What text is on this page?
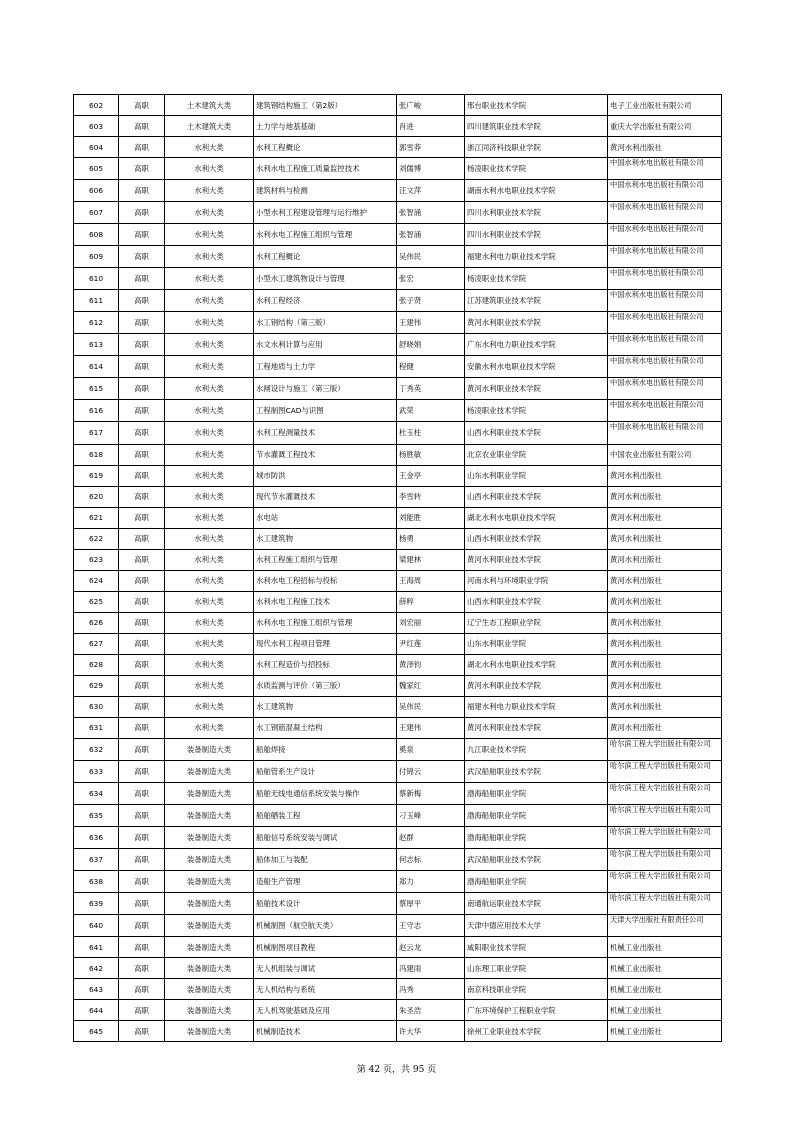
602	高职	土木建筑大类	建筑钢结构施工（第2版）	张广峻	邢台职业技术学院	电子工业出版社有限公司
603	高职	土木建筑大类	土力学与地基基础	肖进	四川建筑职业技术学院	重庆大学出版社有限公司
604	高职	水利大类	水利工程概论	郭雪莽	浙江同济科技职业学院	黄河水利出版社
605	高职	水利大类	水利水电工程施工质量监控技术	刘儒博	杨凌职业技术学院	中国水利水电出版社有限公司
606	高职	水利大类	建筑材料与检测	汪文萍	湖南水利水电职业技术学院	中国水利水电出版社有限公司
607	高职	水利大类	小型水利工程建设管理与运行维护	张智涌	四川水利职业技术学院	中国水利水电出版社有限公司
608	高职	水利大类	水利水电工程施工组织与管理	张智涌	四川水利职业技术学院	中国水利水电出版社有限公司
609	高职	水利大类	水利工程概论	吴伟民	福建水利电力职业技术学院	中国水利水电出版社有限公司
610	高职	水利大类	小型水工建筑物设计与管理	张宏	杨凌职业技术学院	中国水利水电出版社有限公司
611	高职	水利大类	水利工程经济	张子贤	江苏建筑职业技术学院	中国水利水电出版社有限公司
612	高职	水利大类	水工钢结构（第三版）	王建伟	黄河水利职业技术学院	中国水利水电出版社有限公司
613	高职	水利大类	水文水利计算与应用	舒晓娟	广东水利电力职业技术学院	中国水利水电出版社有限公司
614	高职	水利大类	工程地质与土力学	程健	安徽水利水电职业技术学院	中国水利水电出版社有限公司
615	高职	水利大类	水闸设计与施工（第三版）	丁秀英	黄河水利职业技术学院	中国水利水电出版社有限公司
616	高职	水利大类	工程制图CAD与识图	武荣	杨凌职业技术学院	中国水利水电出版社有限公司
617	高职	水利大类	水利工程测量技术	杜玉柱	山西水利职业技术学院	中国水利水电出版社有限公司
618	高职	水利大类	节水灌溉工程技术	杨胜敏	北京农业职业学院	中国农业出版社有限公司
619	高职	水利大类	城市防洪	王金亭	山东水利职业学院	黄河水利出版社
620	高职	水利大类	现代节水灌溉技术	李雪转	山西水利职业技术学院	黄河水利出版社
621	高职	水利大类	水电站	刘能胜	湖北水利水电职业技术学院	黄河水利出版社
622	高职	水利大类	水工建筑物	杨勇	山西水利职业技术学院	黄河水利出版社
623	高职	水利大类	水利工程施工组织与管理	梁建林	黄河水利职业技术学院	黄河水利出版社
624	高职	水利大类	水利水电工程招标与投标	王海周	河南水利与环境职业学院	黄河水利出版社
625	高职	水利大类	水利水电工程施工技术	薛粹	山西水利职业技术学院	黄河水利出版社
626	高职	水利大类	水利水电工程施工组织与管理	刘宏丽	辽宁生态工程职业学院	黄河水利出版社
627	高职	水利大类	现代水利工程项目管理	尹红莲	山东水利职业学院	黄河水利出版社
628	高职	水利大类	水利工程造价与招投标	黄泽钧	湖北水利水电职业技术学院	黄河水利出版社
629	高职	水利大类	水质监测与评价（第三版）	魏家红	黄河水利职业技术学院	黄河水利出版社
630	高职	水利大类	水工建筑物	吴伟民	福建水利电力职业技术学院	黄河水利出版社
631	高职	水利大类	水工钢筋混凝土结构	王建伟	黄河水利职业技术学院	黄河水利出版社
632	高职	装备制造大类	船舶焊接	奚泉	九江职业技术学院	哈尔滨工程大学出版社有限公司
633	高职	装备制造大类	船舶管系生产设计	付锦云	武汉船舶职业技术学院	哈尔滨工程大学出版社有限公司
634	高职	装备制造大类	船舶无线电通信系统安装与操作	蔡新梅	渤海船舶职业学院	哈尔滨工程大学出版社有限公司
635	高职	装备制造大类	船舶舾装工程	刁玉峰	渤海船舶职业学院	哈尔滨工程大学出版社有限公司
636	高职	装备制造大类	船舶信号系统安装与调试	赵群	渤海船舶职业学院	哈尔滨工程大学出版社有限公司
637	高职	装备制造大类	船体加工与装配	何志标	武汉船舶职业技术学院	哈尔滨工程大学出版社有限公司
638	高职	装备制造大类	造船生产管理	郑力	渤海船舶职业学院	哈尔滨工程大学出版社有限公司
639	高职	装备制造大类	船舶技术设计	蔡厚平	南通航运职业技术学院	哈尔滨工程大学出版社有限公司
640	高职	装备制造大类	机械制图（航空航天类）	王守志	天津中德应用技术大学	天津大学出版社有限责任公司
641	高职	装备制造大类	机械制图项目教程	赵云龙	咸阳职业技术学院	机械工业出版社
642	高职	装备制造大类	无人机组装与调试	冯建雨	山东理工职业学院	机械工业出版社
643	高职	装备制造大类	无人机结构与系统	冯秀	南京科技职业学院	机械工业出版社
644	高职	装备制造大类	无人机驾驶基础及应用	朱圣浩	广东环境保护工程职业学院	机械工业出版社
645	高职	装备制造大类	机械制造技术	许大华	徐州工业职业技术学院	机械工业出版社
第 42 页，共 95 页
